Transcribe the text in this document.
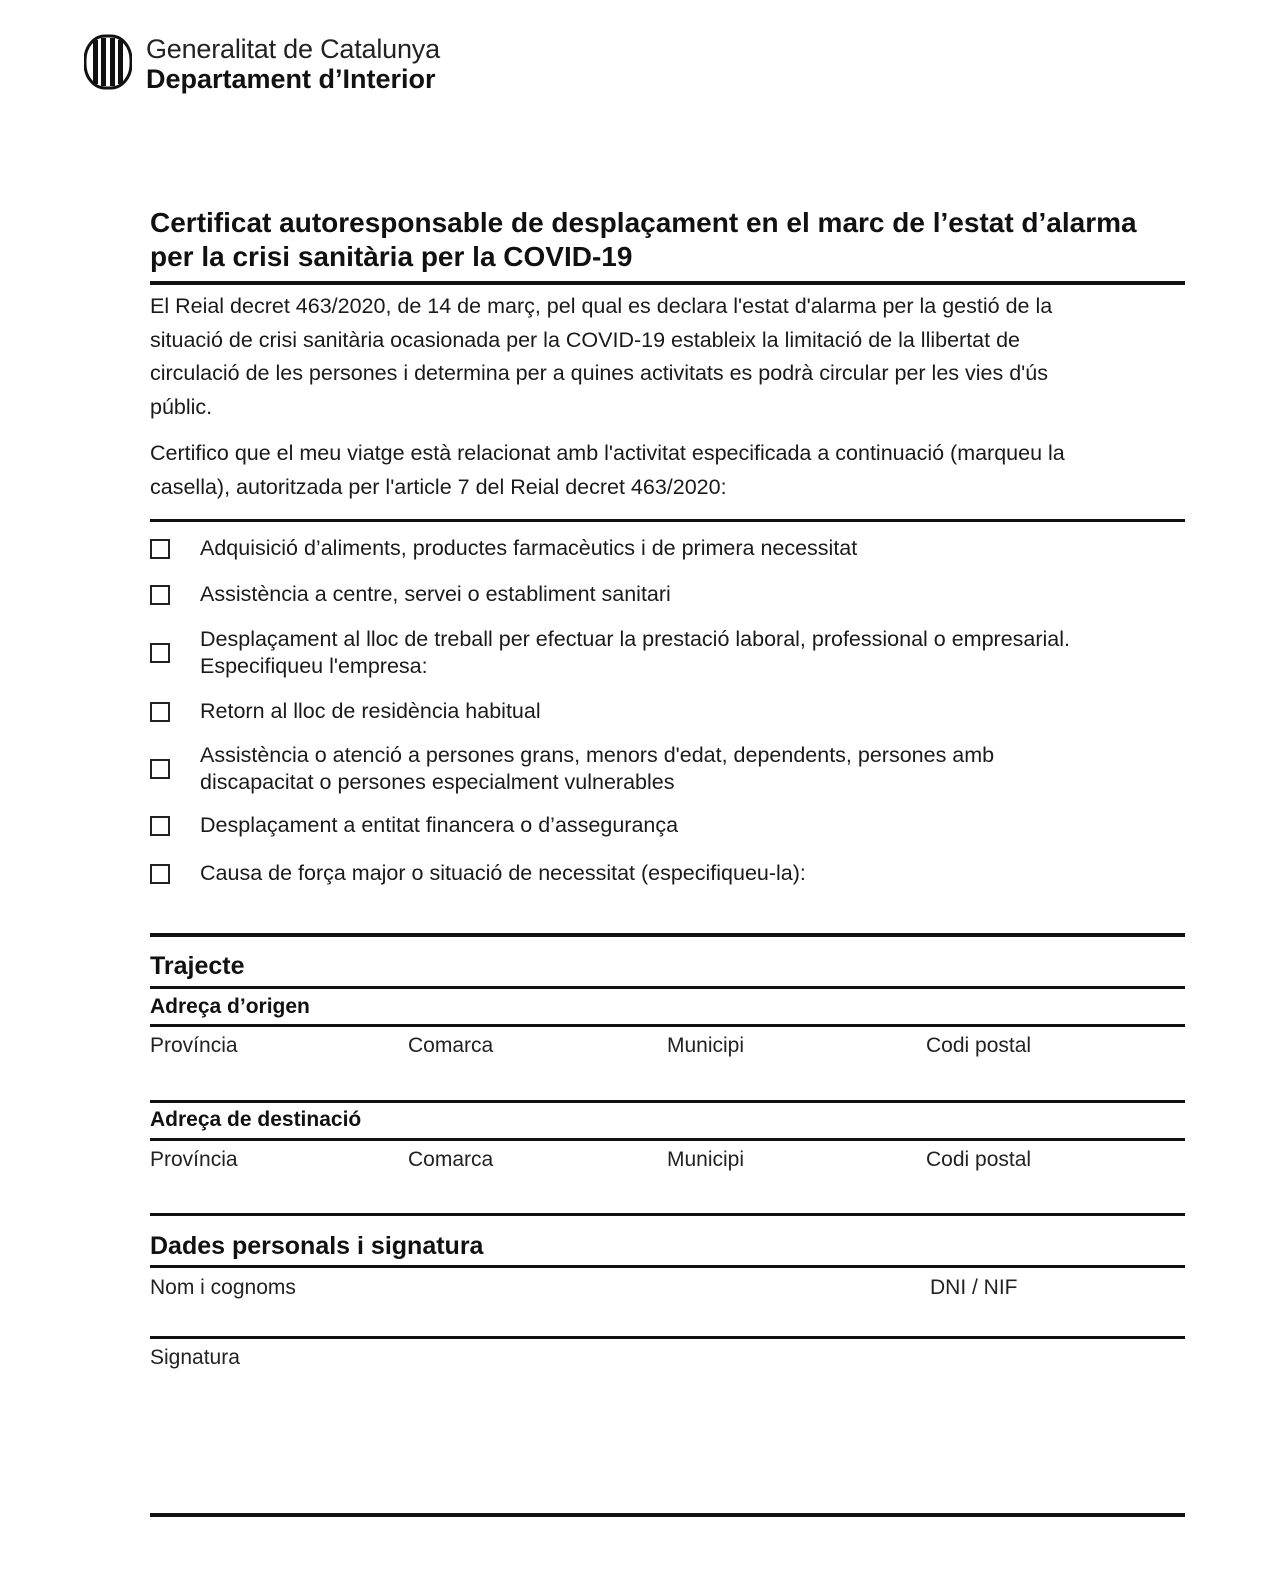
Generalitat de Catalunya
Departament d’Interior
Certificat autoresponsable de desplaçament en el marc de l’estat d’alarma
per la crisi sanitària per la COVID-19
El Reial decret 463/2020, de 14 de març, pel qual es declara l'estat d'alarma per la gestió de la
situació de crisi sanitària ocasionada per la COVID-19 estableix la limitació de la llibertat de
circulació de les persones i determina per a quines activitats es podrà circular per les vies d'ús
públic.
Certifico que el meu viatge està relacionat amb l'activitat especificada a continuació (marqueu la
casella), autoritzada per l'article 7 del Reial decret 463/2020:
Adquisició d’aliments, productes farmacèutics i de primera necessitat
Assistència a centre, servei o establiment sanitari
Desplaçament al lloc de treball per efectuar la prestació laboral, professional o empresarial.
Especifiqueu l'empresa:
Retorn al lloc de residència habitual
Assistència o atenció a persones grans, menors d'edat, dependents, persones amb
discapacitat o persones especialment vulnerables
Desplaçament a entitat financera o d’assegurança
Causa de força major o situació de necessitat (especifiqueu-la):
Trajecte
Adreça d’origen
Província	Comarca	Municipi	Codi postal
Adreça de destinació
Província	Comarca	Municipi	Codi postal
Dades personals i signatura
Nom i cognoms	DNI / NIF
Signatura
